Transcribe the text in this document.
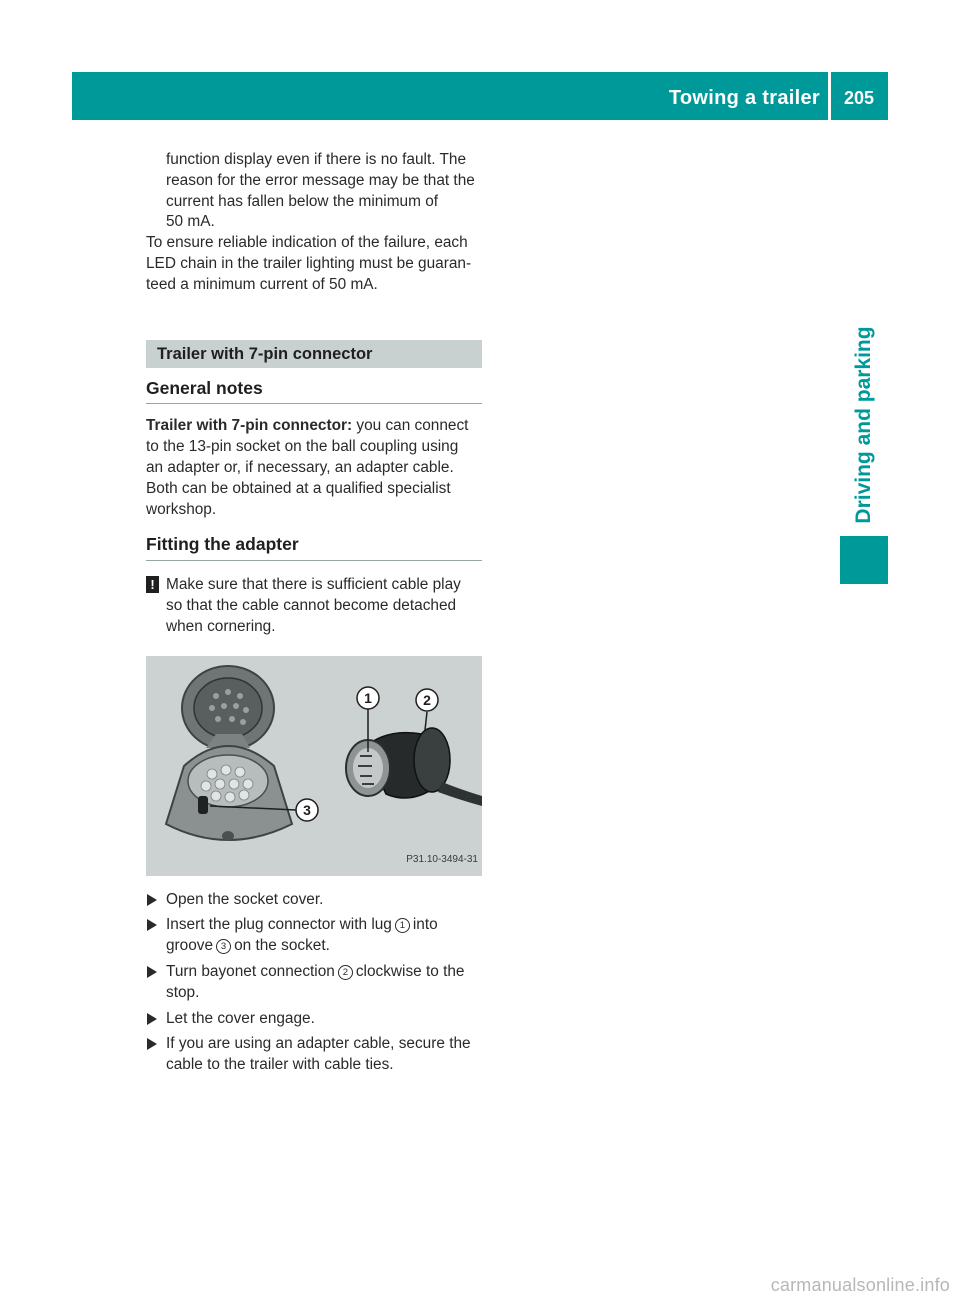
Towing a trailer	205
Driving and parking

function display even if there is no fault. The
reason for the error message may be that the
current has fallen below the minimum of
50 mA.

To ensure reliable indication of the failure, each
LED chain in the trailer lighting must be guaran-
teed a minimum current of 50 mA.

Trailer with 7-pin connector
General notes

Trailer with 7-pin connector: you can connect
to the 13-pin socket on the ball coupling using
an adapter or, if necessary, an adapter cable.
Both can be obtained at a qualified specialist
workshop.

Fitting the adapter
! Make sure that there is sufficient cable play
so that the cable cannot become detached
when cornering.
1	2
3
P31.10-3494-31
Open the socket cover.
Insert the plug connector with lug 1 into
groove 3 on the socket.
Turn bayonet connection 2 clockwise to the
stop.
Let the cover engage.
If you are using an adapter cable, secure the
cable to the trailer with cable ties.
carmanualsonline.info
